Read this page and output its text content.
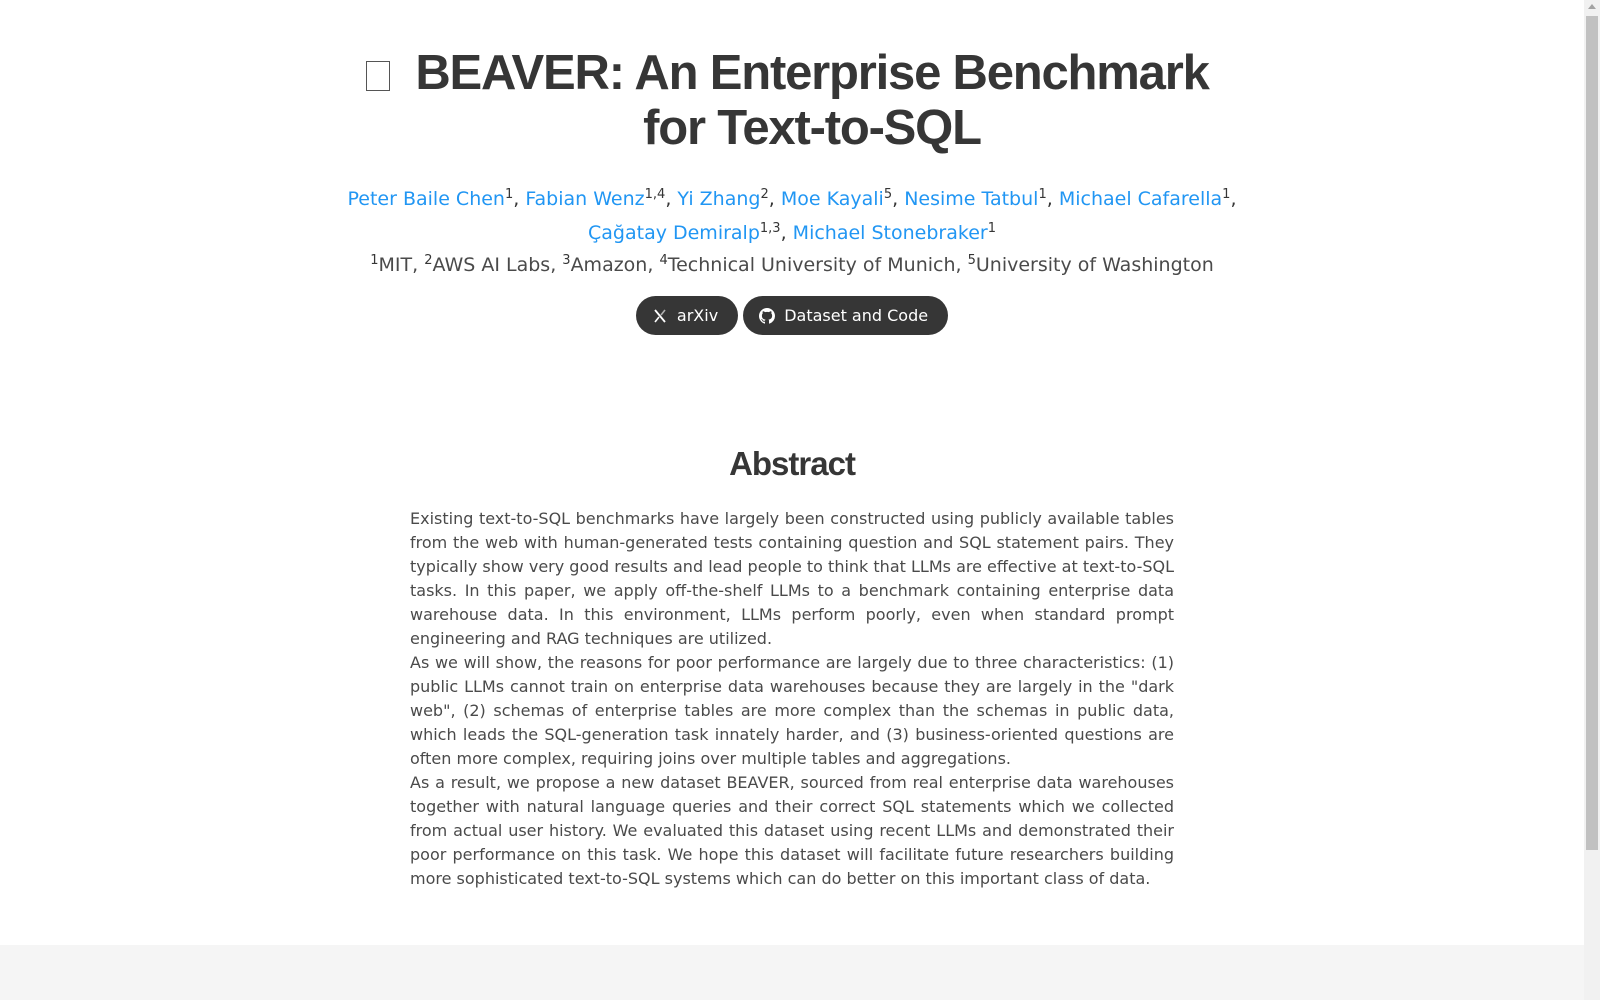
BEAVER: An Enterprise Benchmark for Text-to-SQL
Peter Baile Chen$^1$, Fabian Wenz$^{1,4}$, Yi Zhang$^2$, Moe Kayali$^5$, Nesime Tatbul$^1$, Michael Cafarella$^1$,
Çağatay Demiralp$^{1,3}$, Michael Stonebraker$^1$
$^1$MIT, $^2$AWS AI Labs, $^3$Amazon, $^4$Technical University of Munich, $^5$University of Washington
arXiv	Dataset and Code
Abstract

Existing text-to-SQL benchmarks have largely been constructed using publicly available tables from the web with human-generated tests containing question and SQL statement pairs. They typically show very good results and lead people to think that LLMs are effective at text-to-SQL tasks. In this paper, we apply off-the-shelf LLMs to a benchmark containing enterprise data warehouse data. In this environment, LLMs perform poorly, even when standard prompt engineering and RAG techniques are utilized.

As we will show, the reasons for poor performance are largely due to three characteristics: (1) public LLMs cannot train on enterprise data warehouses because they are largely in the "dark web", (2) schemas of enterprise tables are more complex than the schemas in public data, which leads the SQL-generation task innately harder, and (3) business-oriented questions are often more complex, requiring joins over multiple tables and aggregations.

As a result, we propose a new dataset BEAVER, sourced from real enterprise data warehouses together with natural language queries and their correct SQL statements which we collected from actual user history. We evaluated this dataset using recent LLMs and demonstrated their poor performance on this task. We hope this dataset will facilitate future researchers building more sophisticated text-to-SQL systems which can do better on this important class of data.
